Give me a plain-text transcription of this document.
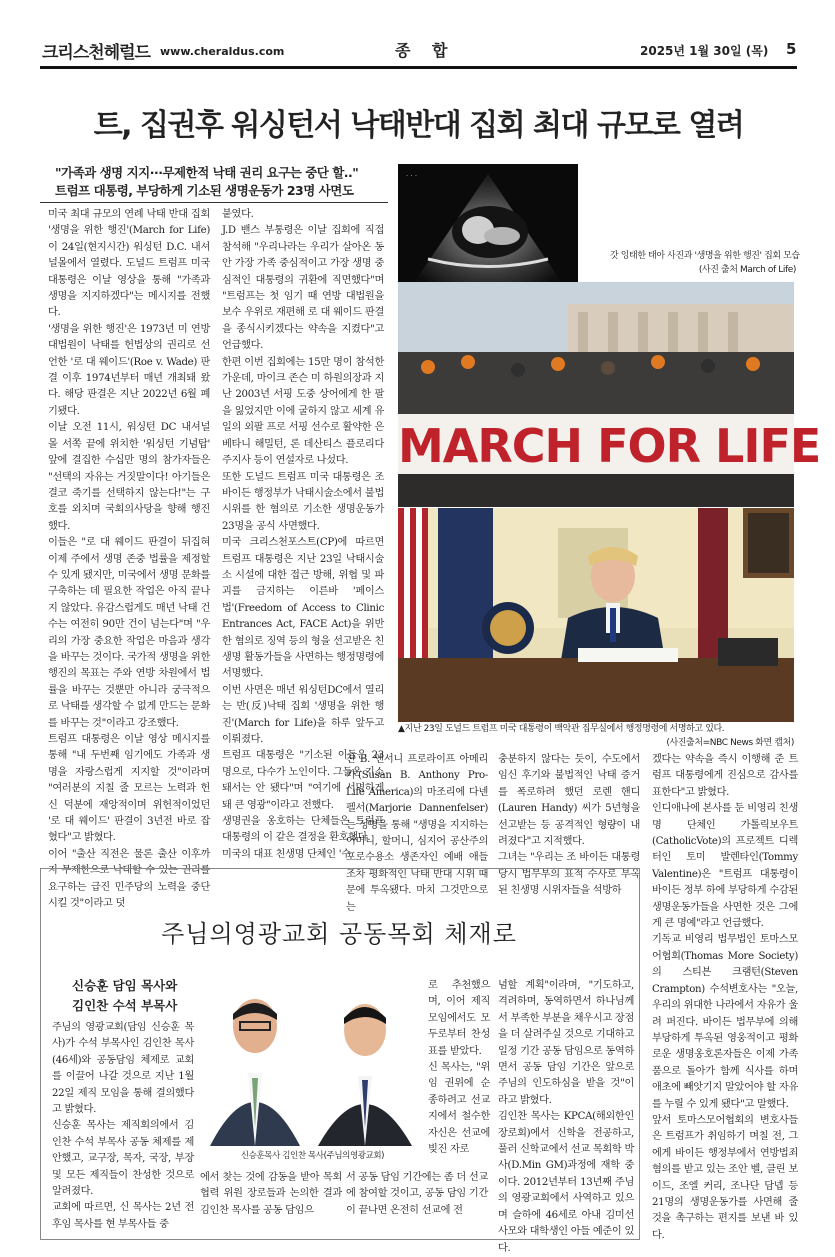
크리스천헤럴드 www.cheraldus.com	종 합	2025년 1월 30일 (목) 5
트, 집권후 워싱턴서 낙태반대 집회 최대 규모로 열려
"가족과 생명 지지···무제한적 낙태 권리 요구는 중단 할.."
트럼프 대통령, 부당하게 기소된 생명운동가 23명 사면도
미국 최대 규모의 연례 낙태 반대 집회 '생명을 위한 행진'(March for Life)이 24일(현지시간) 워싱턴 D.C. 내셔널몰에서 열렸다. 도널드 트럼프 미국 대통령은 이날 영상을 통해 "가족과 생명을 지지하겠다"는 메시지를 전했다.
'생명을 위한 행진'은 1973년 미 연방대법원이 낙태를 헌법상의 권리로 선언한 '로 대 웨이드'(Roe v. Wade) 판결 이후 1974년부터 매년 개최돼 왔다. 해당 판결은 지난 2022년 6월 폐기됐다.
이날 오전 11시, 워싱턴 DC 내셔널 몰 서쪽 끝에 위치한 '워싱턴 기념탑' 앞에 결집한 수십만 명의 참가자들은 "선택의 자유는 거짓말이다! 아기들은 결코 죽기를 선택하지 않는다!"는 구호를 외치며 국회의사당을 향해 행진했다.
이들은 "로 대 웨이드 판결이 뒤집혀 이제 주에서 생명 존중 법률을 제정할 수 있게 됐지만, 미국에서 생명 문화를 구축하는 데 필요한 작업은 아직 끝나지 않았다. 유감스럽게도 매년 낙태 건수는 여전히 90만 건이 넘는다"며 "우리의 가장 중요한 작업은 마음과 생각을 바꾸는 것이다. 국가적 생명을 위한 행진의 목표는 주와 연방 차원에서 법률을 바꾸는 것뿐만 아니라 궁극적으로 낙태를 생각할 수 없게 만드는 문화를 바꾸는 것"이라고 강조했다.
트럼프 대통령은 이날 영상 메시지를 통해 "내 두번째 임기에도 가족과 생명을 자랑스럽게 지지할 것"이라며 "여러분의 지칠 줄 모르는 노력과 헌신 덕분에 재앙적이며 위헌적이었던 '로 대 웨이드' 판결이 3년전 바로 잡혔다"고 밝혔다.
이어 "출산 직전은 물론 출산 이후까지 무제한으로 낙태할 수 있는 권리를 요구하는 급진 민주당의 노력을 중단시킬 것"이라고 덧
붙였다.
J.D 밴스 부통령은 이날 집회에 직접 참석해 "우리나라는 우리가 살아온 동안 가장 가족 중심적이고 가장 생명 중심적인 대통령의 귀환에 직면했다"며 "트럼프는 첫 임기 때 연방 대법원을 보수 우위로 재편해 로 대 웨이드 판결을 종식시키겠다는 약속을 지켰다"고 언급했다.
한편 이번 집회에는 15만 명이 참석한 가운데, 마이크 존슨 미 하원의장과 지난 2003년 서핑 도중 상어에게 한 팔을 잃었지만 이에 굴하지 않고 세계 유일의 외팔 프로 서핑 선수로 활약한 은 베타니 해밀턴, 론 데산티스 플로리다 주지사 등이 연설자로 나섰다.
또한 도널드 트럼프 미국 대통령은 조 바이든 행정부가 낙태시술소에서 불법 시위를 한 혐의로 기소한 생명운동가 23명을 공식 사면했다.
미국 크리스천포스트(CP)에 따르면 트럼프 대통령은 지난 23일 낙태시술소 시설에 대한 접근 방해, 위협 및 파괴를 금지하는 이른바 '페이스법'(Freedom of Access to Clinic Entrances Act, FACE Act)을 위반한 혐의로 징역 등의 형을 선고받은 친생명 활동가들을 사면하는 행정명령에 서명했다.
이번 사면은 매년 워싱턴DC에서 열리는 반(反)낙태 집회 '생명을 위한 행진'(March for Life)을 하루 앞두고 이뤄졌다.
트럼프 대통령은 "기소된 이들은 23명으로, 다수가 노인이다. 그들은 기소돼서는 안 됐다"며 "여기에 서명하게 돼 큰 영광"이라고 전했다.
생명권을 옹호하는 단체들은 트럼프 대통령의 이 같은 결정을 환호했다.
미국의 대표 친생명 단체인 '수
잔 B. 앤서니 프로라이프 아메리카'(Susan B. Anthony Pro-Life America)의 마조리에 다넨펠서(Marjorie Dannenfelser)는 성명을 통해 "생명을 지지하는 어머니, 할머니, 심지어 공산주의 포로수용소 생존자인 예배 애들조차 평화적인 낙태 반대 시위 때문에 투옥됐다. 마치 그것만으로는
충분하지 않다는 듯이, 수도에서 임신 후기와 불법적인 낙태 증거를 폭로하려 했던 로렌 핸디(Lauren Handy) 씨가 5년형을 선고받는 등 공격적인 형량이 내려졌다"고 지적했다.
그녀는 "우리는 조 바이든 대통령 당시 법무부의 표적 수사로 부옥된 친생명 시위자들을 석방하
겠다는 약속을 즉시 이행해 준 트럼프 대통령에게 진심으로 감사를 표한다"고 밝혔다.
인디애나에 본사를 둔 비영리 친생명 단체인 가톨릭보우트(CatholicVote)의 프로젝트 디렉터인 토미 발렌타인(Tommy Valentine)은 "트럼프 대통령이 바이든 정부 하에 부당하게 수감된 생명운동가들을 사면한 것은 그에게 큰 명예"라고 언급했다.
기독교 비영리 법무법인 토마스모어협회(Thomas More Society)의 스티븐 크램턴(Steven Crampton) 수석변호사는 "오늘, 우리의 위대한 나라에서 자유가 울려 퍼진다. 바이든 법무부에 의해 부당하게 투옥된 영웅적이고 평화로운 생명옹호론자들은 이제 가족 품으로 돌아가 함께 식사를 하며 애초에 빼앗기지 말았어야 할 자유를 누릴 수 있게 됐다"고 말했다.
앞서 토마스모어협회의 변호사들은 트럼프가 취임하기 며칠 전, 그에게 바이든 행정부에서 연방법죄 혐의를 받고 있는 조안 벨, 클린 보이드, 조엘 커리, 조나단 담넵 등 21명의 생명운동가를 사면해 줄 것을 촉구하는 편지를 보낸 바 있다.
· · ·
갓 잉태한 태아 사진과 '생명을 위한 행진' 집회 모습
(사진 출처 March of Life)
MARCH FOR LIFE
▲지난 23일 도널드 트럼프 미국 대통령이 백악관 집무실에서 행정명령에 서명하고 있다.
(사진출처=NBC News 화면 캡처)
주님의영광교회 공동목회 체재로
신승훈 담임 목사와
김인찬 수석 부목사
주님의 영광교회(담임 신승훈 목사)가 수석 부목사인 김인찬 목사(46세)와 공동담임 체제로 교회를 이끌어 나갈 것으로 지난 1월 22일 제직 모임을 통해 결의했다고 밝혔다.
신승훈 목사는 제직회의에서 김인찬 수석 부목사 공동 체제를 제안했고, 교구장, 목자, 국장, 부장 및 모든 제직들이 찬성한 것으로 알려졌다.
교회에 따르면, 신 목사는 2년 전 후임 목사를 현 부목사들 중
신승훈목사 김인찬 목사(주님의영광교회)
에서 찾는 것에 감동을 받아 목회 협력 위원 장로들과 논의한 결과 김인찬 목사를 공동 담임으
로 추천했으며, 이어 제직 모임에서도 모두로부터 찬성표를 받았다.
신 목사는, "위임 권위에 순종하려고 선교지에서 철수한 자신은 선교에 빚진 자로
서 공동 담임 기간에는 좀 더 선교에 참여할 것이고, 공동 담임 기간이 끝나면 온전히 선교에 전
념할 계획"이라며, "기도하고, 격려하며, 동역하면서 하나님께서 부족한 부분을 채우시고 장점을 더 살려주실 것으로 기대하고 일정 기간 공동 담임으로 동역하면서 공동 담임 기간은 앞으로 주님의 인도하심을 받을 것"이라고 밝혔다.
김인찬 목사는 KPCA(해외한인장로회)에서 신학을 전공하고, 풀러 신학교에서 선교 목회학 박사(D.Min GM)과정에 재학 중이다. 2012년부터 13년째 주님의 영광교회에서 사역하고 있으며 슬하에 46세로 아내 김미선 사모와 대학생인 아들 예준이 있다.
